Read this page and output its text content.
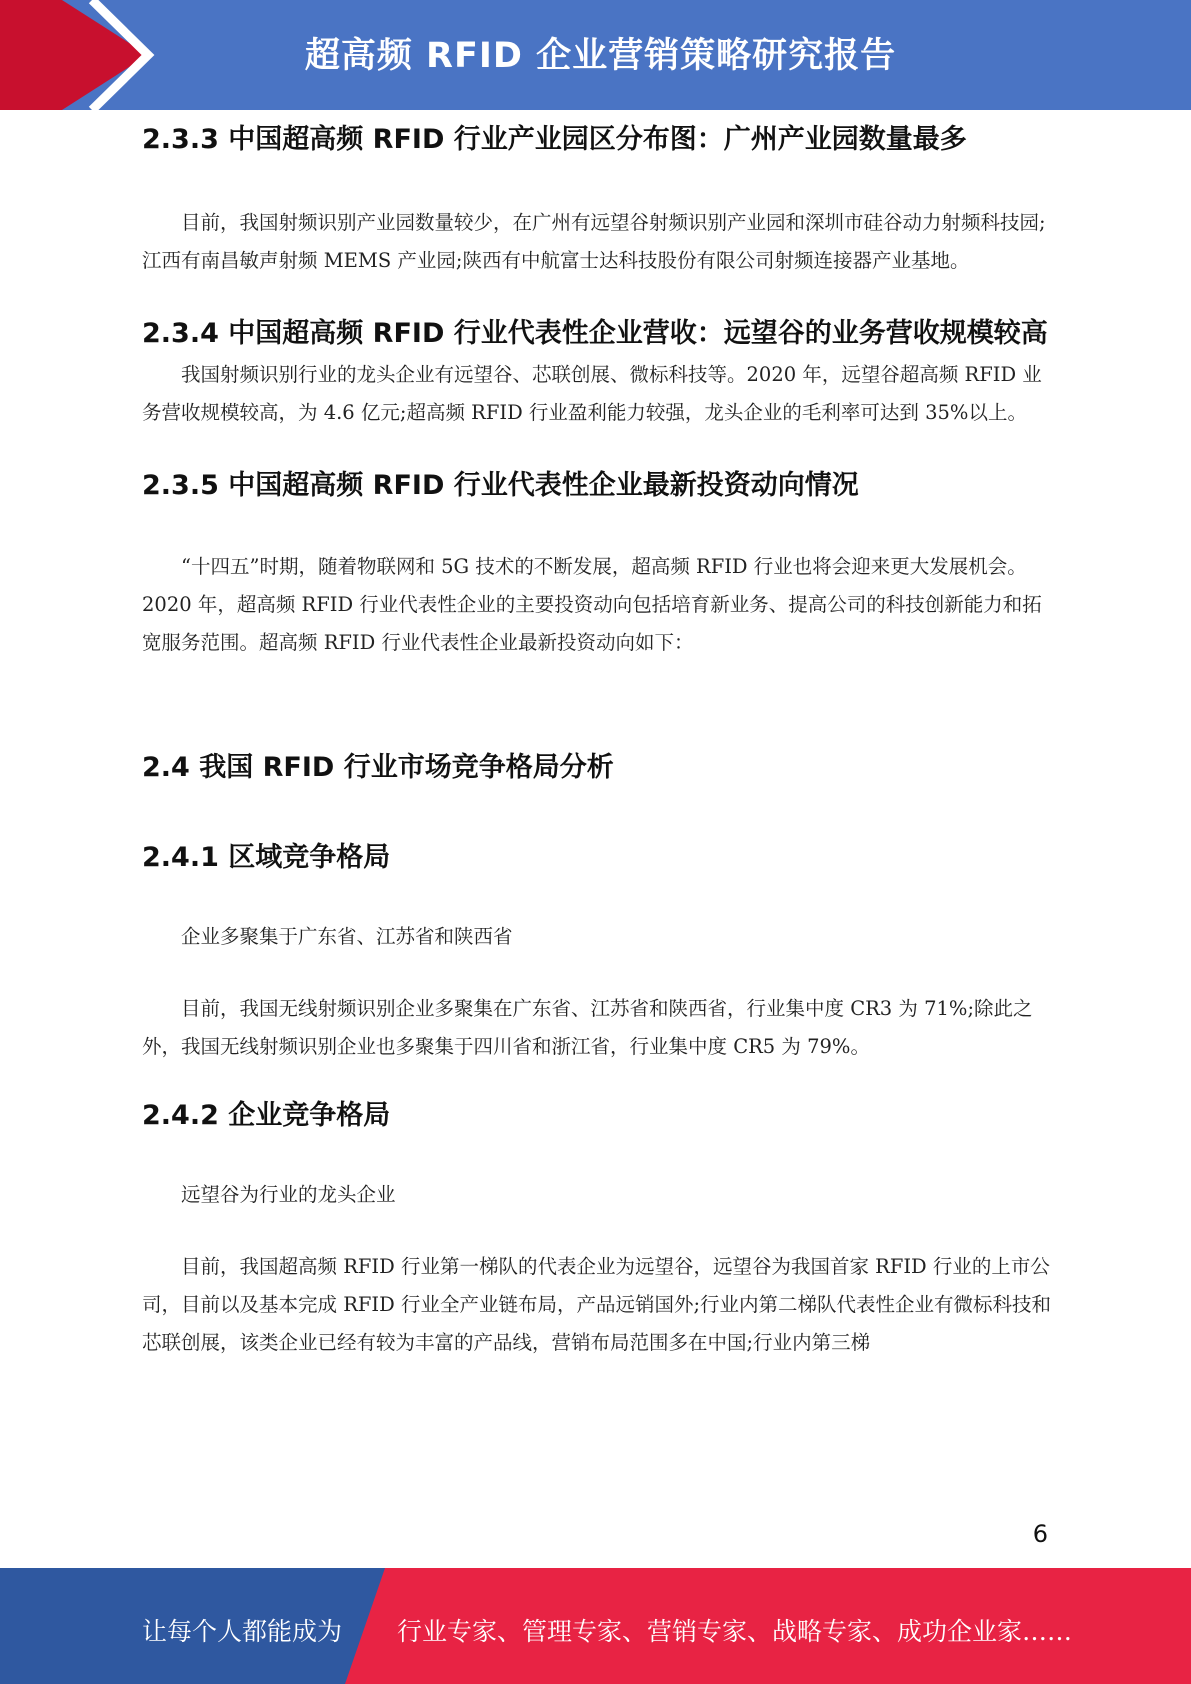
超高频 RFID 企业营销策略研究报告
2.3.3 中国超高频 RFID 行业产业园区分布图：广州产业园数量最多

目前，我国射频识别产业园数量较少，在广州有远望谷射频识别产业园和深圳市硅谷动力射频科技园;江西有南昌敏声射频 MEMS 产业园;陕西有中航富士达科技股份有限公司射频连接器产业基地。

2.3.4 中国超高频 RFID 行业代表性企业营收：远望谷的业务营收规模较高

我国射频识别行业的龙头企业有远望谷、芯联创展、微标科技等。2020 年，远望谷超高频 RFID 业务营收规模较高，为 4.6 亿元;超高频 RFID 行业盈利能力较强，龙头企业的毛利率可达到 35%以上。

2.3.5 中国超高频 RFID 行业代表性企业最新投资动向情况

“十四五”时期，随着物联网和 5G 技术的不断发展，超高频 RFID 行业也将会迎来更大发展机会。2020 年，超高频 RFID 行业代表性企业的主要投资动向包括培育新业务、提高公司的科技创新能力和拓宽服务范围。超高频 RFID 行业代表性企业最新投资动向如下：

2.4 我国 RFID 行业市场竞争格局分析
2.4.1 区域竞争格局

企业多聚集于广东省、江苏省和陕西省

目前，我国无线射频识别企业多聚集在广东省、江苏省和陕西省，行业集中度 CR3 为 71%;除此之外，我国无线射频识别企业也多聚集于四川省和浙江省，行业集中度 CR5 为 79%。

2.4.2 企业竞争格局

远望谷为行业的龙头企业

目前，我国超高频 RFID 行业第一梯队的代表企业为远望谷，远望谷为我国首家 RFID 行业的上市公司，目前以及基本完成 RFID 行业全产业链布局，产品远销国外;行业内第二梯队代表性企业有微标科技和芯联创展，该类企业已经有较为丰富的产品线，营销布局范围多在中国;行业内第三梯

6
让每个人都能成为 行业专家、管理专家、营销专家、战略专家、成功企业家……
